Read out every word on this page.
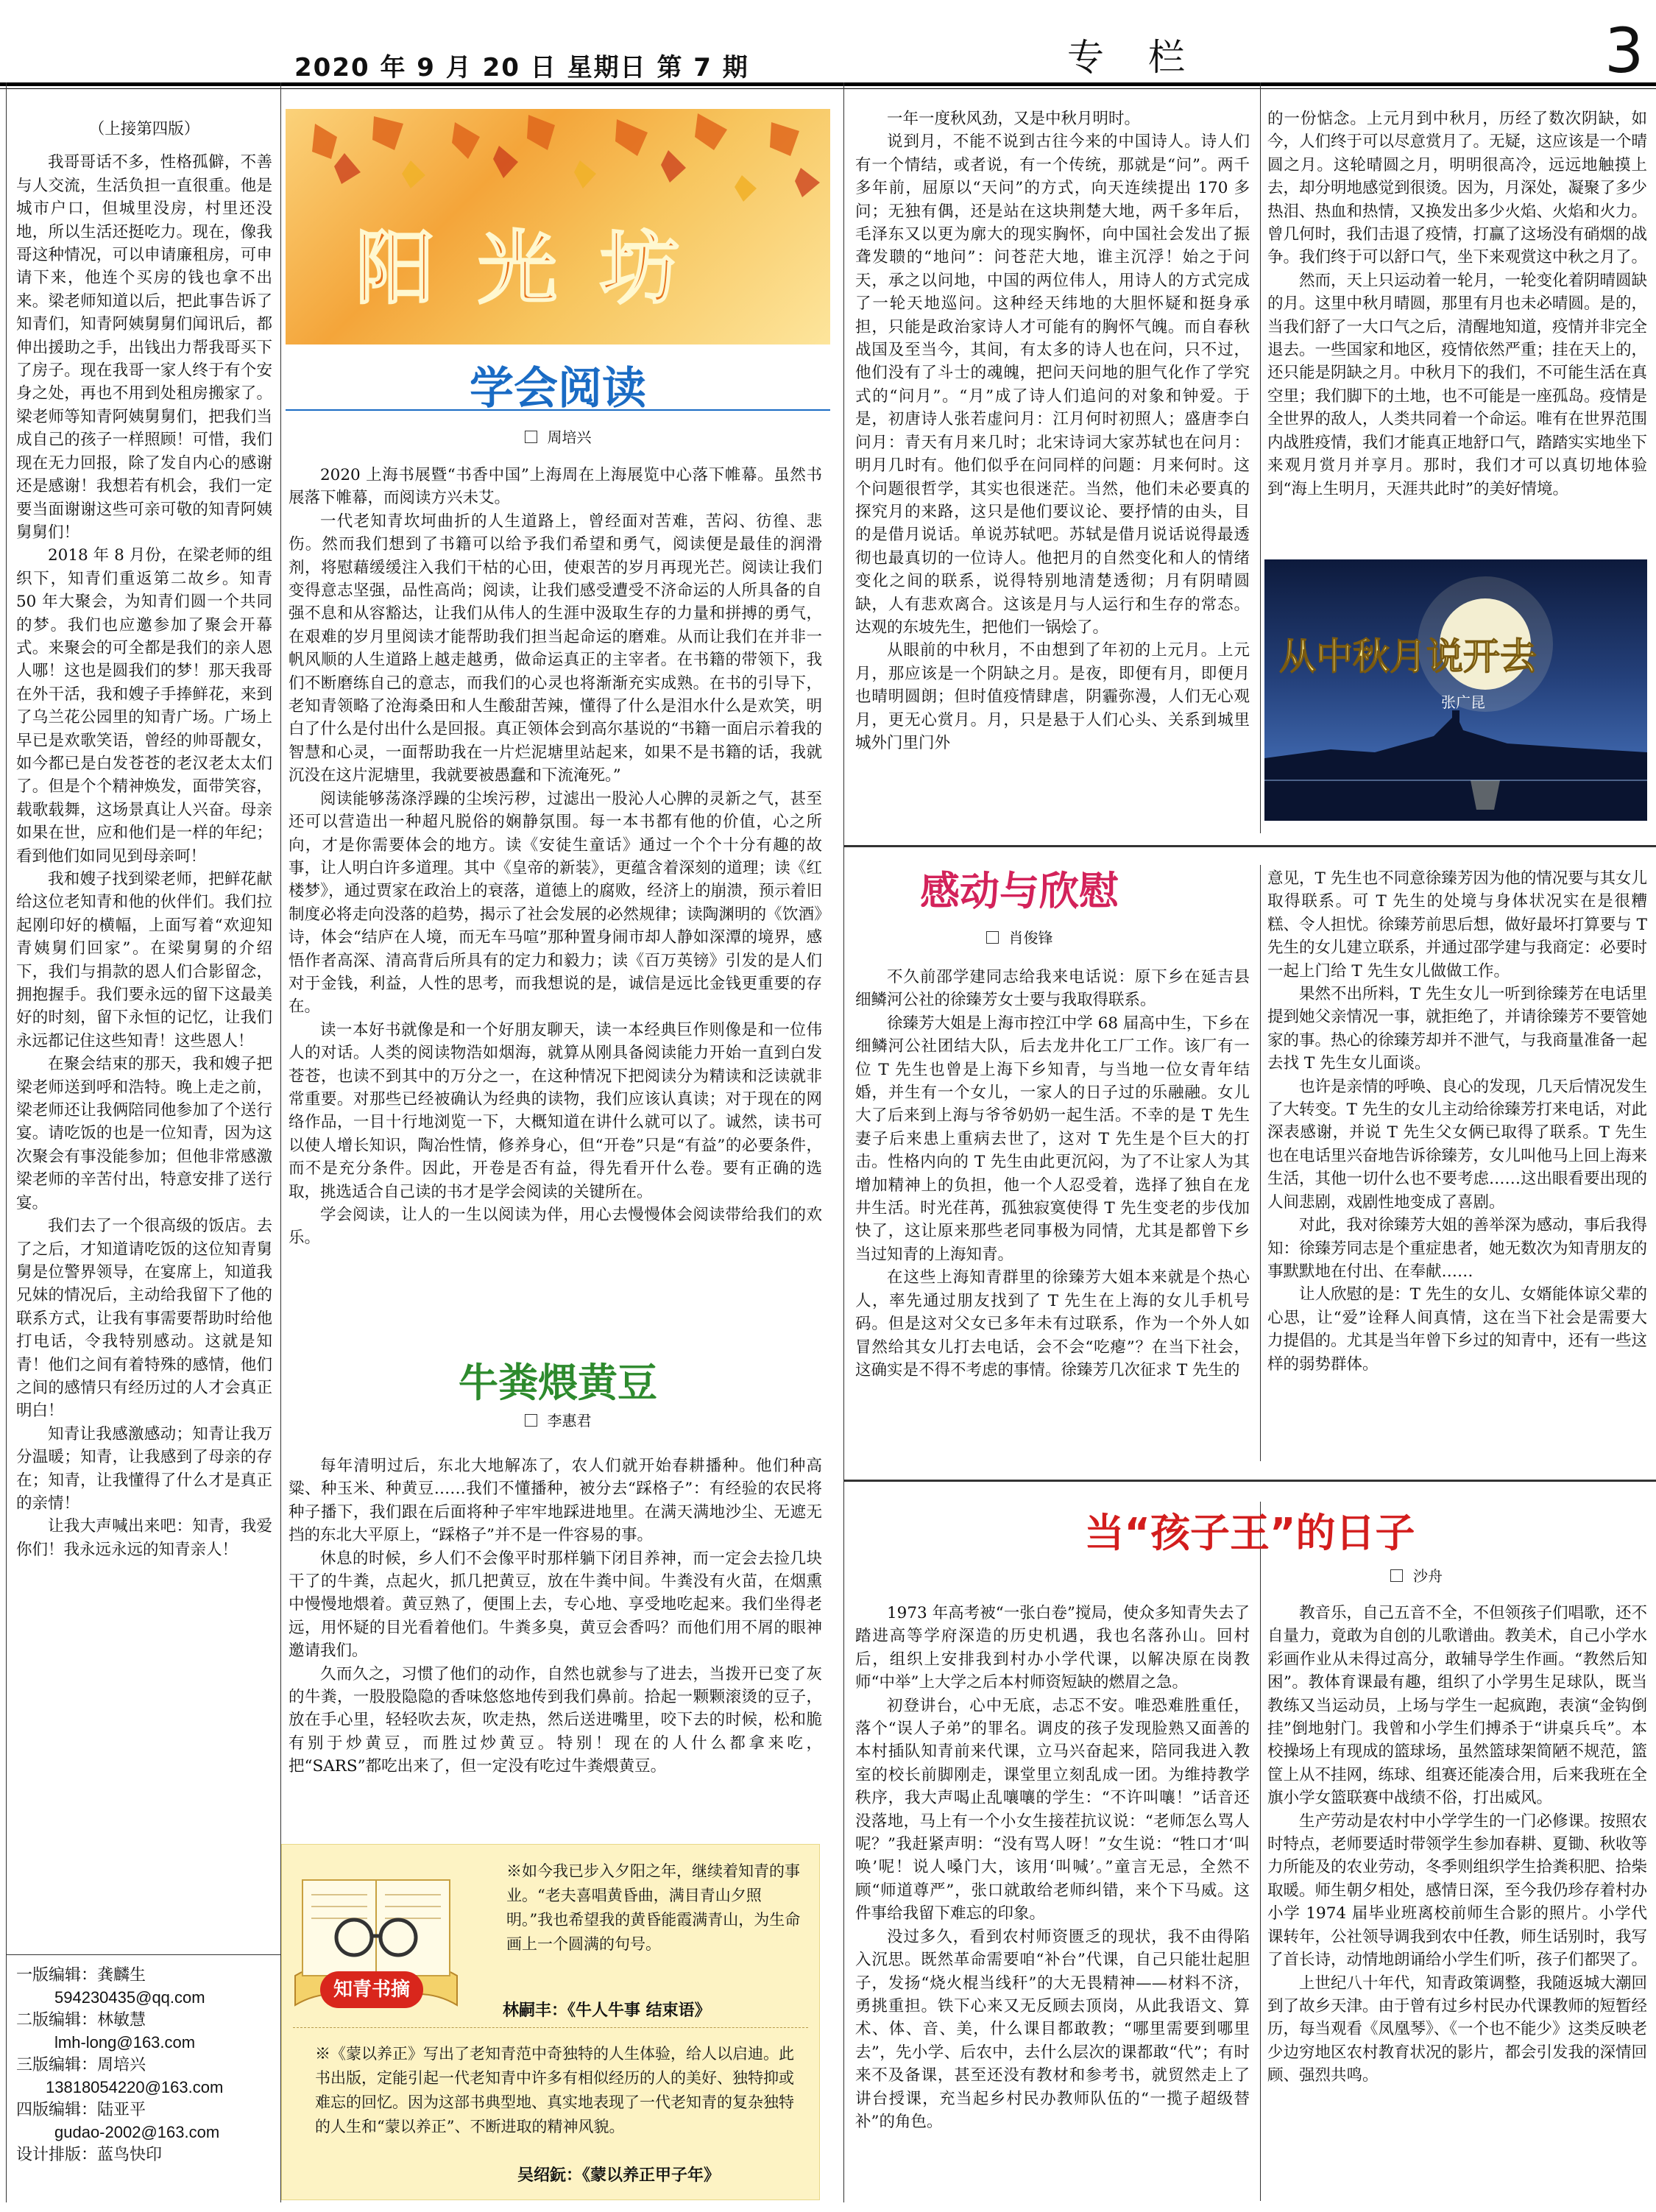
2020 年 9 月 20 日 星期日 第 7 期	专栏	3

（上接第四版）

我哥哥话不多，性格孤僻，不善与人交流，生活负担一直很重。他是城市户口，但城里没房，村里还没地，所以生活还挺吃力。现在，像我哥这种情况，可以申请廉租房，可申请下来，他连个买房的钱也拿不出来。梁老师知道以后，把此事告诉了知青们，知青阿姨舅舅们闻讯后，都伸出援助之手，出钱出力帮我哥买下了房子。现在我哥一家人终于有个安身之处，再也不用到处租房搬家了。梁老师等知青阿姨舅舅们，把我们当成自己的孩子一样照顾！可惜，我们现在无力回报，除了发自内心的感谢还是感谢！我想若有机会，我们一定要当面谢谢这些可亲可敬的知青阿姨舅舅们！

2018 年 8 月份，在梁老师的组织下，知青们重返第二故乡。知青 50 年大聚会，为知青们圆一个共同的梦。我们也应邀参加了聚会开幕式。来聚会的可全都是我们的亲人恩人哪！这也是圆我们的梦！那天我哥在外干活，我和嫂子手捧鲜花，来到了乌兰花公园里的知青广场。广场上早已是欢歌笑语，曾经的帅哥靓女，如今都已是白发苍苍的老汉老太太们了。但是个个精神焕发，面带笑容，载歌载舞，这场景真让人兴奋。母亲如果在世，应和他们是一样的年纪；看到他们如同见到母亲呵！

我和嫂子找到梁老师，把鲜花献给这位老知青和他的伙伴们。我们拉起刚印好的横幅，上面写着“欢迎知青姨舅们回家”。在梁舅舅的介绍下，我们与捐款的恩人们合影留念，拥抱握手。我们要永远的留下这最美好的时刻，留下永恒的记忆，让我们永远都记住这些知青！这些恩人！

在聚会结束的那天，我和嫂子把梁老师送到呼和浩特。晚上走之前，梁老师还让我俩陪同他参加了个送行宴。请吃饭的也是一位知青，因为这次聚会有事没能参加；但他非常感激梁老师的辛苦付出，特意安排了送行宴。

我们去了一个很高级的饭店。去了之后，才知道请吃饭的这位知青舅舅是位警界领导，在宴席上，知道我兄妹的情况后，主动给我留下了他的联系方式，让我有事需要帮助时给他打电话，令我特别感动。这就是知青！他们之间有着特殊的感情，他们之间的感情只有经历过的人才会真正明白！

知青让我感激感动；知青让我万分温暖；知青，让我感到了母亲的存在；知青，让我懂得了什么才是真正的亲情！

让我大声喊出来吧：知青，我爱你们！我永远永远的知青亲人！

一版编辑：龚麟生
594230435@qq.com
二版编辑：林敏慧
lmh-long@163.com
三版编辑：周培兴
13818054220@163.com
四版编辑：陆亚平
gudao-2002@163.com
设计排版：蓝鸟快印
阳光坊
学会阅读
周培兴

2020 上海书展暨“书香中国”上海周在上海展览中心落下帷幕。虽然书展落下帷幕，而阅读方兴未艾。

一代老知青坎坷曲折的人生道路上，曾经面对苦难，苦闷、彷徨、悲伤。然而我们想到了书籍可以给予我们希望和勇气，阅读便是最佳的润滑剂，将慰藉缓缓注入我们干枯的心田，使艰苦的岁月再现光芒。阅读让我们变得意志坚强，品性高尚；阅读，让我们感受遭受不济命运的人所具备的自强不息和从容豁达，让我们从伟人的生涯中汲取生存的力量和拼搏的勇气，在艰难的岁月里阅读才能帮助我们担当起命运的磨难。从而让我们在并非一帆风顺的人生道路上越走越勇，做命运真正的主宰者。在书籍的带领下，我们不断磨练自己的意志，而我们的心灵也将渐渐充实成熟。在书的引导下，老知青领略了沧海桑田和人生酸甜苦辣，懂得了什么是泪水什么是欢笑，明白了什么是付出什么是回报。真正领体会到高尔基说的“书籍一面启示着我的智慧和心灵，一面帮助我在一片烂泥塘里站起来，如果不是书籍的话，我就沉没在这片泥塘里，我就要被愚蠢和下流淹死。”

阅读能够荡涤浮躁的尘埃污秽，过滤出一股沁人心脾的灵新之气，甚至还可以营造出一种超凡脱俗的娴静氛围。每一本书都有他的价值，心之所向，才是你需要体会的地方。读《安徒生童话》通过一个个十分有趣的故事，让人明白许多道理。其中《皇帝的新装》，更蕴含着深刻的道理；读《红楼梦》，通过贾家在政治上的衰落，道德上的腐败，经济上的崩溃，预示着旧制度必将走向没落的趋势，揭示了社会发展的必然规律；读陶渊明的《饮酒》诗，体会“结庐在人境，而无车马喧”那种置身闹市却人静如深潭的境界，感悟作者高深、清高背后所具有的定力和毅力；读《百万英镑》引发的是人们对于金钱，利益，人性的思考，而我想说的是，诚信是远比金钱更重要的存在。

读一本好书就像是和一个好朋友聊天，读一本经典巨作则像是和一位伟人的对话。人类的阅读物浩如烟海，就算从刚具备阅读能力开始一直到白发苍苍，也读不到其中的万分之一，在这种情况下把阅读分为精读和泛读就非常重要。对那些已经被确认为经典的读物，我们应该认真读；对于现在的网络作品，一目十行地浏览一下，大概知道在讲什么就可以了。诚然，读书可以使人增长知识，陶冶性情，修养身心，但“开卷”只是“有益”的必要条件，而不是充分条件。因此，开卷是否有益，得先看开什么卷。要有正确的选取，挑选适合自己读的书才是学会阅读的关键所在。

学会阅读，让人的一生以阅读为伴，用心去慢慢体会阅读带给我们的欢乐。

牛粪煨黄豆
李惠君

每年清明过后，东北大地解冻了，农人们就开始春耕播种。他们种高粱、种玉米、种黄豆……我们不懂播种，被分去“踩格子”：有经验的农民将种子播下，我们跟在后面将种子牢牢地踩进地里。在满天满地沙尘、无遮无挡的东北大平原上，“踩格子”并不是一件容易的事。

休息的时候，乡人们不会像平时那样躺下闭目养神，而一定会去捡几块干了的牛粪，点起火，抓几把黄豆，放在牛粪中间。牛粪没有火苗，在烟熏中慢慢地煨着。黄豆熟了，便围上去，专心地、享受地吃起来。我们坐得老远，用怀疑的目光看着他们。牛粪多臭，黄豆会香吗？而他们用不屑的眼神邀请我们。

久而久之，习惯了他们的动作，自然也就参与了进去，当拨开已变了灰的牛粪，一股股隐隐的香味悠悠地传到我们鼻前。拾起一颗颗滚烫的豆子，放在手心里，轻轻吹去灰，吹走热，然后送进嘴里，咬下去的时候，松和脆有别于炒黄豆，而胜过炒黄豆。特别！现在的人什么都拿来吃，把“SARS”都吃出来了，但一定没有吃过牛粪煨黄豆。

知青书摘
※如今我已步入夕阳之年，继续着知青的事业。“老夫喜唱黄昏曲，满目青山夕照明。”我也希望我的黄昏能霞满青山，为生命画上一个圆满的句号。
林嗣丰：《牛人牛事 结束语》
※《蒙以养正》写出了老知青范中奇独特的人生体验，给人以启迪。此书出版，定能引起一代老知青中许多有相似经历的人的美好、独特抑或难忘的回忆。因为这部书典型地、真实地表现了一代老知青的复杂独特的人生和“蒙以养正”、不断进取的精神风貌。
吴绍鈨：《蒙以养正甲子年》

一年一度秋风劲，又是中秋月明时。

说到月，不能不说到古往今来的中国诗人。诗人们有一个情结，或者说，有一个传统，那就是“问”。两千多年前，屈原以“天问”的方式，向天连续提出 170 多问；无独有偶，还是站在这块荆楚大地，两千多年后，毛泽东又以更为廓大的现实胸怀，向中国社会发出了振聋发聩的“地问”：问苍茫大地，谁主沉浮！始之于问天，承之以问地，中国的两位伟人，用诗人的方式完成了一轮天地巡问。这种经天纬地的大胆怀疑和挺身承担，只能是政治家诗人才可能有的胸怀气魄。而自春秋战国及至当今，其间，有太多的诗人也在问，只不过，他们没有了斗士的魂魄，把问天问地的胆气化作了学究式的“问月”。“月”成了诗人们追问的对象和钟爱。于是，初唐诗人张若虚问月：江月何时初照人；盛唐李白问月：青天有月来几时；北宋诗词大家苏轼也在问月：明月几时有。他们似乎在问同样的问题：月来何时。这个问题很哲学，其实也很迷茫。当然，他们未必要真的探究月的来路，这只是他们要议论、要抒情的由头，目的是借月说话。单说苏轼吧。苏轼是借月说话说得最透彻也最真切的一位诗人。他把月的自然变化和人的情绪变化之间的联系，说得特别地清楚透彻；月有阴晴圆缺，人有悲欢离合。这该是月与人运行和生存的常态。达观的东坡先生，把他们一锅烩了。

从眼前的中秋月，不由想到了年初的上元月。上元月，那应该是一个阴缺之月。是夜，即便有月，即便月也晴明圆朗；但时值疫情肆虐，阴霾弥漫，人们无心观月，更无心赏月。月，只是悬于人们心头、关系到城里城外门里门外

的一份惦念。上元月到中秋月，历经了数次阴缺，如今，人们终于可以尽意赏月了。无疑，这应该是一个晴圆之月。这轮晴圆之月，明明很高冷，远远地触摸上去，却分明地感觉到很烫。因为，月深处，凝聚了多少热泪、热血和热情，又换发出多少火焰、火焰和火力。曾几何时，我们击退了疫情，打赢了这场没有硝烟的战争。我们终于可以舒口气，坐下来观赏这中秋之月了。

然而，天上只运动着一轮月，一轮变化着阴晴圆缺的月。这里中秋月晴圆，那里有月也未必晴圆。是的，当我们舒了一大口气之后，清醒地知道，疫情并非完全退去。一些国家和地区，疫情依然严重；挂在天上的，还只能是阴缺之月。中秋月下的我们，不可能生活在真空里；我们脚下的土地，也不可能是一座孤岛。疫情是全世界的敌人，人类共同着一个命运。唯有在世界范围内战胜疫情，我们才能真正地舒口气，踏踏实实地坐下来观月赏月并享月。那时，我们才可以真切地体验到“海上生明月，天涯共此时”的美好情境。

从中秋月说开去
张广昆
感动与欣慰
肖俊锋

不久前邵学建同志给我来电话说：原下乡在延吉县细鳞河公社的徐臻芳女士要与我取得联系。

徐臻芳大姐是上海市控江中学 68 届高中生，下乡在细鳞河公社团结大队，后去龙井化工厂工作。该厂有一位 T 先生也曾是上海下乡知青，与当地一位女青年结婚，并生有一个女儿，一家人的日子过的乐融融。女儿大了后来到上海与爷爷奶奶一起生活。不幸的是 T 先生妻子后来患上重病去世了，这对 T 先生是个巨大的打击。性格内向的 T 先生由此更沉闷，为了不让家人为其增加精神上的负担，他一个人忍受着，选择了独自在龙井生活。时光荏苒，孤独寂寞使得 T 先生变老的步伐加快了，这让原来那些老同事极为同情，尤其是都曾下乡当过知青的上海知青。

在这些上海知青群里的徐臻芳大姐本来就是个热心人，率先通过朋友找到了 T 先生在上海的女儿手机号码。但是这对父女已多年未有过联系，作为一个外人如冒然给其女儿打去电话，会不会“吃瘪”？在当下社会，这确实是不得不考虑的事情。徐臻芳几次征求 T 先生的

意见，T 先生也不同意徐臻芳因为他的情况要与其女儿取得联系。可 T 先生的处境与身体状况实在是很糟糕、令人担忧。徐臻芳前思后想，做好最坏打算要与 T 先生的女儿建立联系，并通过邵学建与我商定：必要时一起上门给 T 先生女儿做做工作。

果然不出所料，T 先生女儿一听到徐臻芳在电话里提到她父亲情况一事，就拒绝了，并请徐臻芳不要管她家的事。热心的徐臻芳却并不泄气，与我商量准备一起去找 T 先生女儿面谈。

也许是亲情的呼唤、良心的发现，几天后情况发生了大转变。T 先生的女儿主动给徐臻芳打来电话，对此深表感谢，并说 T 先生父女俩已取得了联系。T 先生也在电话里兴奋地告诉徐臻芳，女儿叫他马上回上海来生活，其他一切什么也不要考虑……这出眼看要出现的人间悲剧，戏剧性地变成了喜剧。

对此，我对徐臻芳大姐的善举深为感动，事后我得知：徐臻芳同志是个重症患者，她无数次为知青朋友的事默默地在付出、在奉献……

让人欣慰的是：T 先生的女儿、女婿能体谅父辈的心思，让“爱”诠释人间真情，这在当下社会是需要大力提倡的。尤其是当年曾下乡过的知青中，还有一些这样的弱势群体。

当“孩子王”的日子
沙舟

1973 年高考被“一张白卷”搅局，使众多知青失去了踏进高等学府深造的历史机遇，我也名落孙山。回村后，组织上安排我到村办小学代课，以解决原在岗教师“中举”上大学之后本村师资短缺的燃眉之急。

初登讲台，心中无底，忐忑不安。唯恐难胜重任，落个“误人子弟”的罪名。调皮的孩子发现脸熟又面善的本村插队知青前来代课，立马兴奋起来，陪同我进入教室的校长前脚刚走，课堂里立刻乱成一团。为维持教学秩序，我大声喝止乱嚷嚷的学生：“不许叫嚷！”话音还没落地，马上有一个小女生接茬抗议说：“老师怎么骂人呢？”我赶紧声明：“没有骂人呀！”女生说：“牲口才‘叫唤’呢！说人嗓门大，该用‘叫喊’。”童言无忌，全然不顾“师道尊严”，张口就敢给老师纠错，来个下马威。这件事给我留下难忘的印象。

没过多久，看到农村师资匮乏的现状，我不由得陷入沉思。既然革命需要咱“补台”代课，自己只能壮起胆子，发扬“烧火棍当线秆”的大无畏精神——材料不济，勇挑重担。铁下心来又无反顾去顶岗，从此我语文、算术、体、音、美，什么课目都敢教；“哪里需要到哪里去”，先小学、后农中，去什么层次的课都敢“代”；有时来不及备课，甚至还没有教材和参考书，就贸然走上了讲台授课，充当起乡村民办教师队伍的“一揽子超级替补”的角色。

教音乐，自己五音不全，不但领孩子们唱歌，还不自量力，竟敢为自创的儿歌谱曲。教美术，自己小学水彩画作业从未得过高分，敢辅导学生作画。“教然后知困”。教体育课最有趣，组织了小学男生足球队，既当教练又当运动员，上场与学生一起疯跑，表演“金钩倒挂”倒地射门。我曾和小学生们搏杀于“讲桌兵乓”。本校操场上有现成的篮球场，虽然篮球架简陋不规范，篮筐上从不挂网，练球、组赛还能凑合用，后来我班在全旗小学女篮联赛中战绩不俗，打出威风。

生产劳动是农村中小学学生的一门必修课。按照农时特点，老师要适时带领学生参加春耕、夏锄、秋收等力所能及的农业劳动，冬季则组织学生拾粪积肥、拾柴取暖。师生朝夕相处，感情日深，至今我仍珍存着村办小学 1974 届毕业班离校前师生合影的照片。小学代课转年，公社领导调我到农中任教，师生话别时，我写了首长诗，动情地朗诵给小学生们听，孩子们都哭了。

上世纪八十年代，知青政策调整，我随返城大潮回到了故乡天津。由于曾有过乡村民办代课教师的短暂经历，每当观看《凤凰琴》、《一个也不能少》这类反映老少边穷地区农村教育状况的影片，都会引发我的深情回顾、强烈共鸣。
